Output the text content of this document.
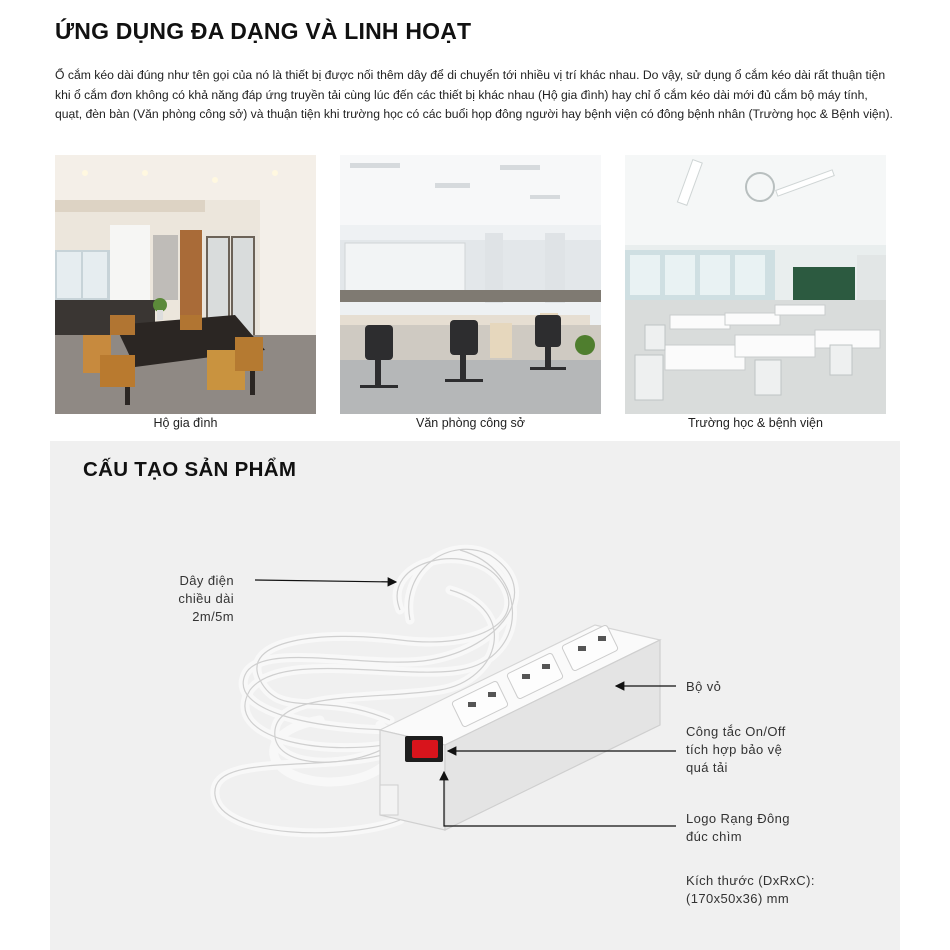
ỨNG DỤNG ĐA DẠNG VÀ LINH HOẠT

Ổ cắm kéo dài đúng như tên gọi của nó là thiết bị được nối thêm dây để di chuyển tới nhiều vị trí khác nhau. Do vậy, sử dụng ổ cắm kéo dài rất thuận tiện khi ổ cắm đơn không có khả năng đáp ứng truyền tải cùng lúc đến các thiết bị khác nhau (Hộ gia đình) hay chỉ ổ cắm kéo dài mới đủ cắm bộ máy tính, quạt, đèn bàn (Văn phòng công sở) và thuận tiện khi trường học có các buổi họp đông người hay bệnh viện có đông bệnh nhân (Trường học & Bệnh viện).

Hộ gia đình	Văn phòng công sở	Trường học & bệnh viện
CẤU TẠO SẢN PHẨM
Dây điện
chiều dài
2m/5m
Bộ vỏ
Công tắc On/Off
tích hợp bảo vệ
quá tải
Logo Rạng Đông
đúc chìm
Kích thước (DxRxC):
(170x50x36) mm
